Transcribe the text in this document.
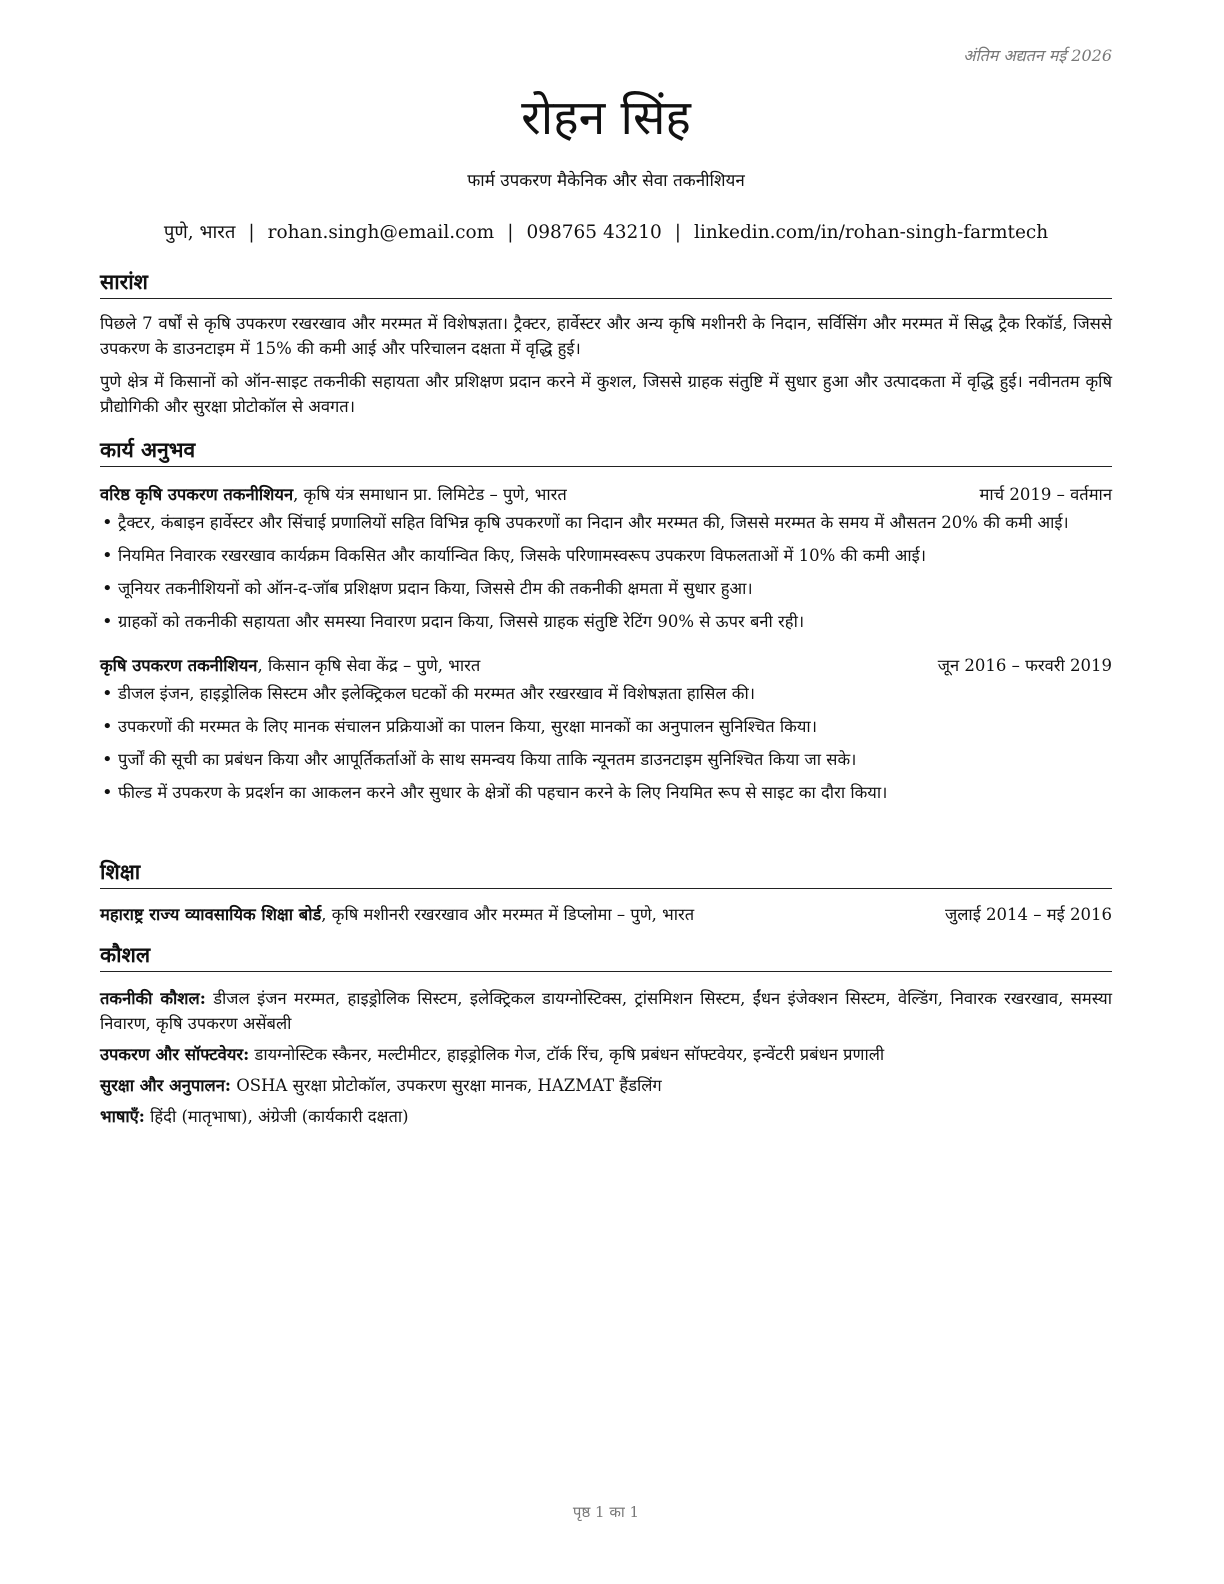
अंतिम अद्यतन मई 2026
रोहन सिंह
फार्म उपकरण मैकेनिक और सेवा तकनीशियन
पुणे, भारत | rohan.singh@email.com | 098765 43210 | linkedin.com/in/rohan-singh-farmtech
सारांश

पिछले 7 वर्षों से कृषि उपकरण रखरखाव और मरम्मत में विशेषज्ञता। ट्रैक्टर, हार्वेस्टर और अन्य कृषि मशीनरी के निदान, सर्विसिंग और मरम्मत में सिद्ध ट्रैक रिकॉर्ड, जिससे उपकरण के डाउनटाइम में 15% की कमी आई और परिचालन दक्षता में वृद्धि हुई।

पुणे क्षेत्र में किसानों को ऑन-साइट तकनीकी सहायता और प्रशिक्षण प्रदान करने में कुशल, जिससे ग्राहक संतुष्टि में सुधार हुआ और उत्पादकता में वृद्धि हुई। नवीनतम कृषि प्रौद्योगिकी और सुरक्षा प्रोटोकॉल से अवगत।

कार्य अनुभव
वरिष्ठ कृषि उपकरण तकनीशियन, कृषि यंत्र समाधान प्रा. लिमिटेड – पुणे, भारत	मार्च 2019 – वर्तमान
• ट्रैक्टर, कंबाइन हार्वेस्टर और सिंचाई प्रणालियों सहित विभिन्न कृषि उपकरणों का निदान और मरम्मत की, जिससे मरम्मत के समय में औसतन 20% की कमी आई।
• नियमित निवारक रखरखाव कार्यक्रम विकसित और कार्यान्वित किए, जिसके परिणामस्वरूप उपकरण विफलताओं में 10% की कमी आई।
• जूनियर तकनीशियनों को ऑन-द-जॉब प्रशिक्षण प्रदान किया, जिससे टीम की तकनीकी क्षमता में सुधार हुआ।
• ग्राहकों को तकनीकी सहायता और समस्या निवारण प्रदान किया, जिससे ग्राहक संतुष्टि रेटिंग 90% से ऊपर बनी रही।
कृषि उपकरण तकनीशियन, किसान कृषि सेवा केंद्र – पुणे, भारत	जून 2016 – फरवरी 2019
• डीजल इंजन, हाइड्रोलिक सिस्टम और इलेक्ट्रिकल घटकों की मरम्मत और रखरखाव में विशेषज्ञता हासिल की।
• उपकरणों की मरम्मत के लिए मानक संचालन प्रक्रियाओं का पालन किया, सुरक्षा मानकों का अनुपालन सुनिश्चित किया।
• पुर्जों की सूची का प्रबंधन किया और आपूर्तिकर्ताओं के साथ समन्वय किया ताकि न्यूनतम डाउनटाइम सुनिश्चित किया जा सके।
• फील्ड में उपकरण के प्रदर्शन का आकलन करने और सुधार के क्षेत्रों की पहचान करने के लिए नियमित रूप से साइट का दौरा किया।
शिक्षा
महाराष्ट्र राज्य व्यावसायिक शिक्षा बोर्ड, कृषि मशीनरी रखरखाव और मरम्मत में डिप्लोमा – पुणे, भारत	जुलाई 2014 – मई 2016
कौशल

तकनीकी कौशल: डीजल इंजन मरम्मत, हाइड्रोलिक सिस्टम, इलेक्ट्रिकल डायग्नोस्टिक्स, ट्रांसमिशन सिस्टम, ईंधन इंजेक्शन सिस्टम, वेल्डिंग, निवारक रखरखाव, समस्या निवारण, कृषि उपकरण असेंबली

उपकरण और सॉफ्टवेयर: डायग्नोस्टिक स्कैनर, मल्टीमीटर, हाइड्रोलिक गेज, टॉर्क रिंच, कृषि प्रबंधन सॉफ्टवेयर, इन्वेंटरी प्रबंधन प्रणाली

सुरक्षा और अनुपालन: OSHA सुरक्षा प्रोटोकॉल, उपकरण सुरक्षा मानक, HAZMAT हैंडलिंग

भाषाएँ: हिंदी (मातृभाषा), अंग्रेजी (कार्यकारी दक्षता)

पृष्ठ 1 का 1
